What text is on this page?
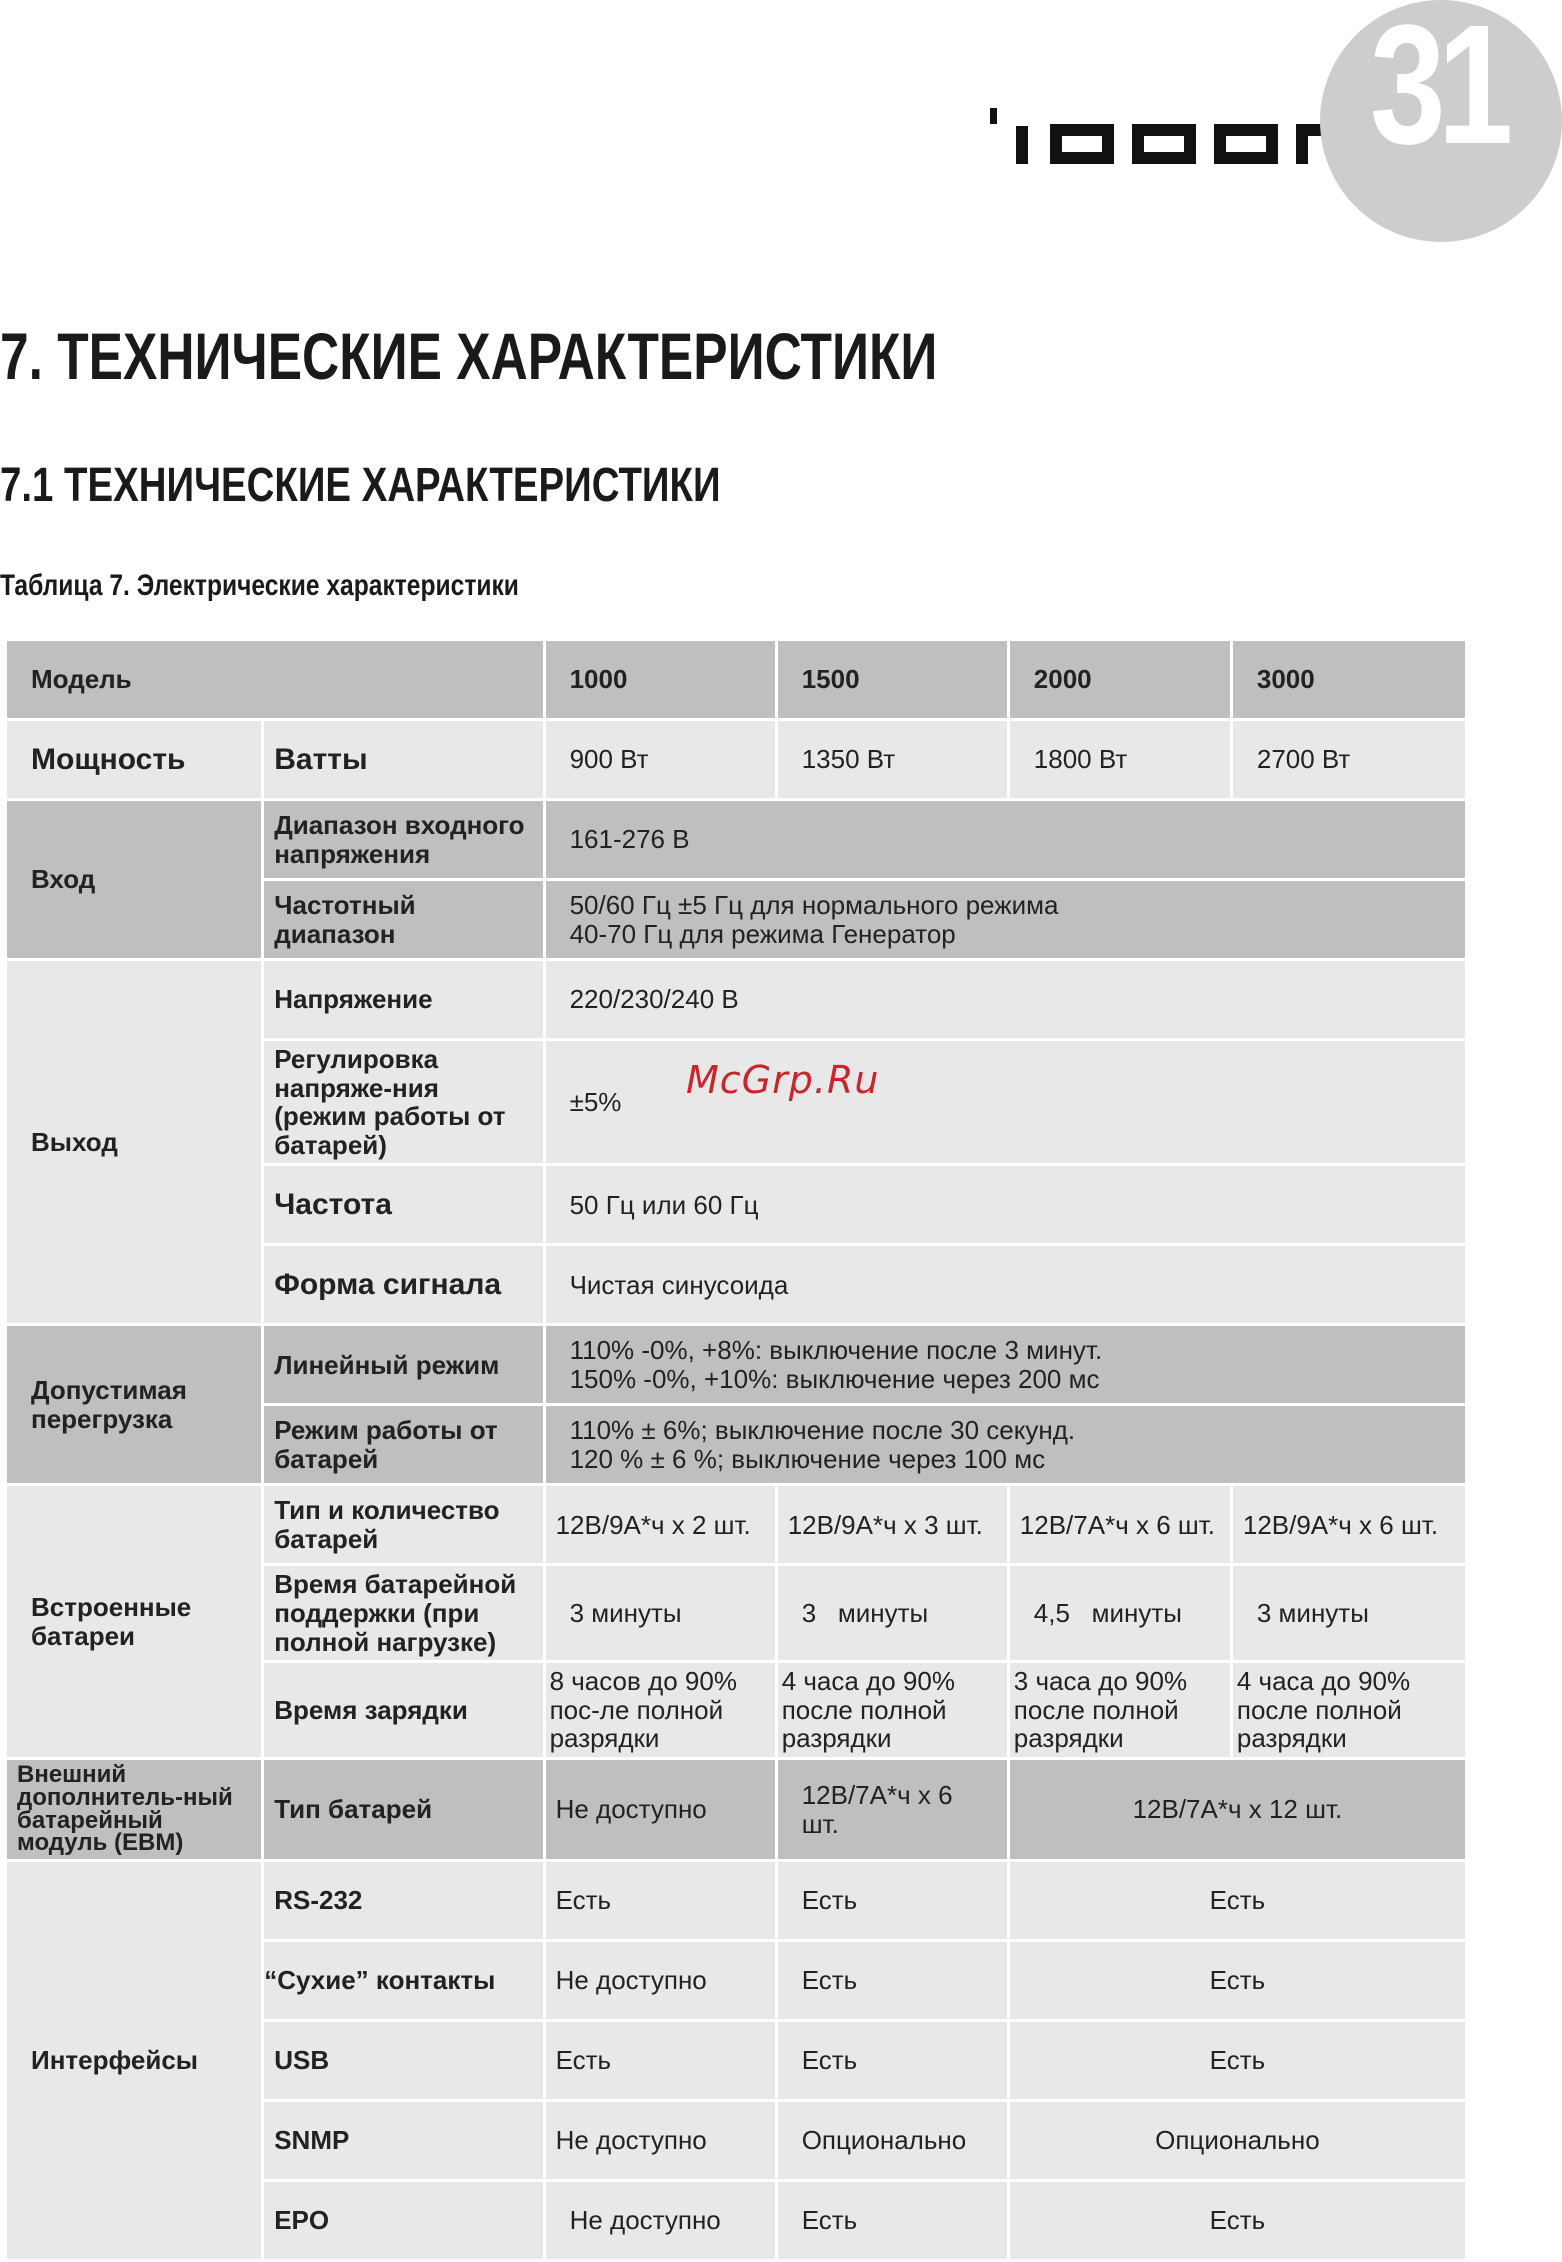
31
7. ТЕХНИЧЕСКИЕ ХАРАКТЕРИСТИКИ
7.1 ТЕХНИЧЕСКИЕ ХАРАКТЕРИСТИКИ
Таблица 7. Электрические характеристики
Модель		1000	1500	2000	3000
Мощность	Ватты	900 Вт	1350 Вт	1800 Вт	2700 Вт
Вход	Диапазон входного напряжения	161-276 В			
	Частотный диапазон	50/60 Гц ±5 Гц для нормального режима
40-70 Гц для режима Генератор			

Выход	Напряжение	220/230/240 В			
	Регулировка напряже-ния (режим работы от батарей)	±5%			
	Частота	50 Гц или 60 Гц			
	Форма сигнала	Чистая синусоида			
Допустимая перегрузка	Линейный режим	110% -0%, +8%: выключение после 3 минут.
150% -0%, +10%: выключение через 200 мс			

	Режим работы от батарей	110% ± 6%; выключение после 30 секунд.
120 % ± 6 %; выключение через 100 мс			

Встроенные батареи	Тип и количество батарей	12В/9А*ч х 2 шт.	12В/9А*ч х 3 шт.	12В/7А*ч х 6 шт.	12В/9А*ч х 6 шт.
	Время батарейной поддержки (при полной нагрузке)	3 минуты	3   минуты	4,5   минуты	3 минуты
	Время зарядки	8 часов до 90% пос-ле полной разрядки	4 часа до 90% после полной разрядки	3 часа до 90% после полной разрядки	4 часа до 90% после полной разрядки
Внешний дополнитель-ный батарейный модуль (EBM)	Тип батарей	Не доступно	12В/7А*ч х 6 шт.	12В/7А*ч х 12 шт.	
Интерфейсы	RS-232	Есть	Есть	Есть	
	“Сухие” контакты	Не доступно	Есть	Есть	
	USB	Есть	Есть	Есть	
	SNMP	Не доступно	Опционально	Опционально	
	EPO	Не доступно	Есть	Есть	
McGrp.Ru
